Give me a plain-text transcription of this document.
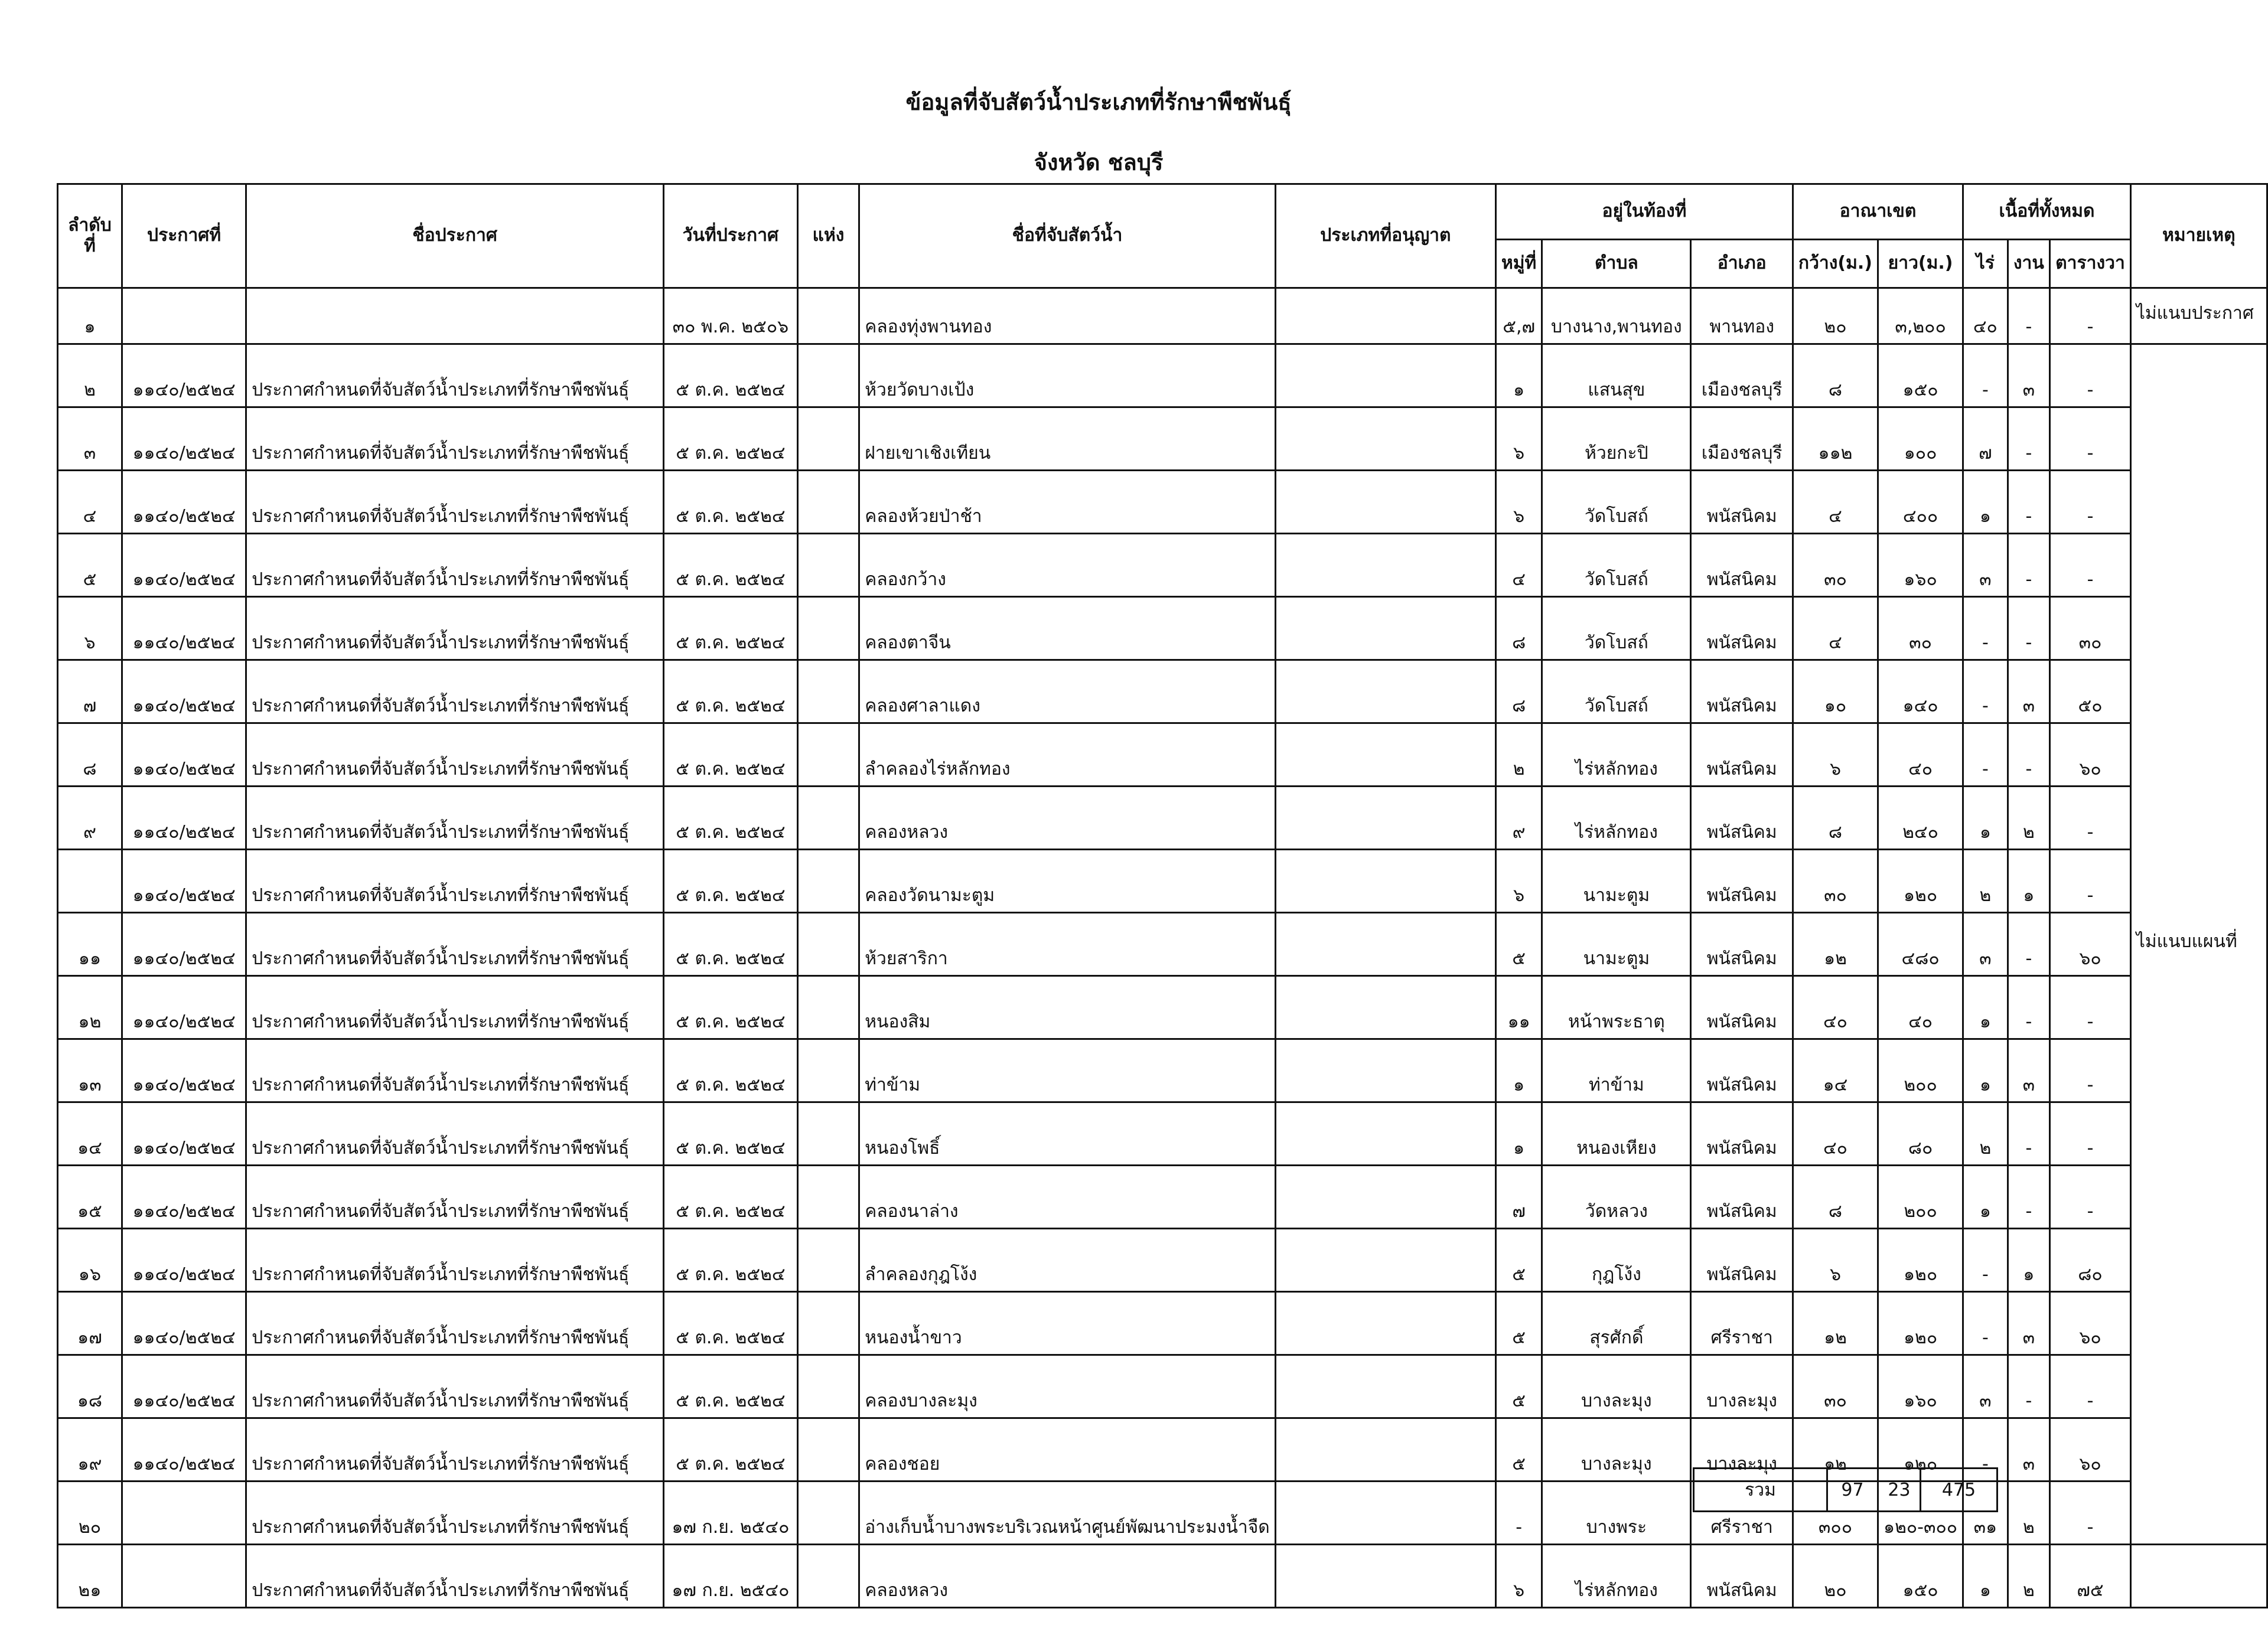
ข้อมูลที่จับสัตว์น้ำประเภทที่รักษาพืชพันธุ์
จังหวัด ชลบุรี
ลำดับ ที่	ประกาศที่	ชื่อประกาศ	วันที่ประกาศ	แห่ง	ชื่อที่จับสัตว์น้ำ	ประเภทที่อนุญาต	อยู่ในท้องที่			อาณาเขต		เนื้อที่ทั้งหมด			หมายเหตุ
							หมู่ที่	ตำบล	อำเภอ	กว้าง(ม.)	ยาว(ม.)	ไร่	งาน	ตารางวา	
๑			๓๐ พ.ค. ๒๕๐๖		คลองทุ่งพานทอง		๕,๗	บางนาง,พานทอง	พานทอง	๒๐	๓,๒๐๐	๔๐	-	-	ไม่แนบประกาศ
๒	๑๑๔๐/๒๕๒๔	ประกาศกำหนดที่จับสัตว์น้ำประเภทที่รักษาพืชพันธุ์	๕ ต.ค. ๒๕๒๔		ห้วยวัดบางเป้ง		๑	แสนสุข	เมืองชลบุรี	๘	๑๕๐	-	๓	-	ไม่แนบแผนที่
๓	๑๑๔๐/๒๕๒๔	ประกาศกำหนดที่จับสัตว์น้ำประเภทที่รักษาพืชพันธุ์	๕ ต.ค. ๒๕๒๔		ฝายเขาเชิงเทียน		๖	ห้วยกะปิ	เมืองชลบุรี	๑๑๒	๑๐๐	๗	-	-	
๔	๑๑๔๐/๒๕๒๔	ประกาศกำหนดที่จับสัตว์น้ำประเภทที่รักษาพืชพันธุ์	๕ ต.ค. ๒๕๒๔		คลองห้วยป่าช้า		๖	วัดโบสถ์	พนัสนิคม	๔	๔๐๐	๑	-	-	
๕	๑๑๔๐/๒๕๒๔	ประกาศกำหนดที่จับสัตว์น้ำประเภทที่รักษาพืชพันธุ์	๕ ต.ค. ๒๕๒๔		คลองกว้าง		๔	วัดโบสถ์	พนัสนิคม	๓๐	๑๖๐	๓	-	-	
๖	๑๑๔๐/๒๕๒๔	ประกาศกำหนดที่จับสัตว์น้ำประเภทที่รักษาพืชพันธุ์	๕ ต.ค. ๒๕๒๔		คลองตาจีน		๘	วัดโบสถ์	พนัสนิคม	๔	๓๐	-	-	๓๐	
๗	๑๑๔๐/๒๕๒๔	ประกาศกำหนดที่จับสัตว์น้ำประเภทที่รักษาพืชพันธุ์	๕ ต.ค. ๒๕๒๔		คลองศาลาแดง		๘	วัดโบสถ์	พนัสนิคม	๑๐	๑๔๐	-	๓	๕๐	
๘	๑๑๔๐/๒๕๒๔	ประกาศกำหนดที่จับสัตว์น้ำประเภทที่รักษาพืชพันธุ์	๕ ต.ค. ๒๕๒๔		ลำคลองไร่หลักทอง		๒	ไร่หลักทอง	พนัสนิคม	๖	๔๐	-	-	๖๐	
๙	๑๑๔๐/๒๕๒๔	ประกาศกำหนดที่จับสัตว์น้ำประเภทที่รักษาพืชพันธุ์	๕ ต.ค. ๒๕๒๔		คลองหลวง		๙	ไร่หลักทอง	พนัสนิคม	๘	๒๔๐	๑	๒	-	
	๑๑๔๐/๒๕๒๔	ประกาศกำหนดที่จับสัตว์น้ำประเภทที่รักษาพืชพันธุ์	๕ ต.ค. ๒๕๒๔		คลองวัดนามะตูม		๖	นามะตูม	พนัสนิคม	๓๐	๑๒๐	๒	๑	-	
๑๑	๑๑๔๐/๒๕๒๔	ประกาศกำหนดที่จับสัตว์น้ำประเภทที่รักษาพืชพันธุ์	๕ ต.ค. ๒๕๒๔		ห้วยสาริกา		๕	นามะตูม	พนัสนิคม	๑๒	๔๘๐	๓	-	๖๐	
๑๒	๑๑๔๐/๒๕๒๔	ประกาศกำหนดที่จับสัตว์น้ำประเภทที่รักษาพืชพันธุ์	๕ ต.ค. ๒๕๒๔		หนองสิม		๑๑	หน้าพระธาตุ	พนัสนิคม	๔๐	๔๐	๑	-	-	
๑๓	๑๑๔๐/๒๕๒๔	ประกาศกำหนดที่จับสัตว์น้ำประเภทที่รักษาพืชพันธุ์	๕ ต.ค. ๒๕๒๔		ท่าข้าม		๑	ท่าข้าม	พนัสนิคม	๑๔	๒๐๐	๑	๓	-	
๑๔	๑๑๔๐/๒๕๒๔	ประกาศกำหนดที่จับสัตว์น้ำประเภทที่รักษาพืชพันธุ์	๕ ต.ค. ๒๕๒๔		หนองโพธิ์		๑	หนองเหียง	พนัสนิคม	๔๐	๘๐	๒	-	-	
๑๕	๑๑๔๐/๒๕๒๔	ประกาศกำหนดที่จับสัตว์น้ำประเภทที่รักษาพืชพันธุ์	๕ ต.ค. ๒๕๒๔		คลองนาล่าง		๗	วัดหลวง	พนัสนิคม	๘	๒๐๐	๑	-	-	
๑๖	๑๑๔๐/๒๕๒๔	ประกาศกำหนดที่จับสัตว์น้ำประเภทที่รักษาพืชพันธุ์	๕ ต.ค. ๒๕๒๔		ลำคลองกุฎโง้ง		๕	กุฎโง้ง	พนัสนิคม	๖	๑๒๐	-	๑	๘๐	
๑๗	๑๑๔๐/๒๕๒๔	ประกาศกำหนดที่จับสัตว์น้ำประเภทที่รักษาพืชพันธุ์	๕ ต.ค. ๒๕๒๔		หนองน้ำขาว		๕	สุรศักดิ์	ศรีราชา	๑๒	๑๒๐	-	๓	๖๐	
๑๘	๑๑๔๐/๒๕๒๔	ประกาศกำหนดที่จับสัตว์น้ำประเภทที่รักษาพืชพันธุ์	๕ ต.ค. ๒๕๒๔		คลองบางละมุง		๕	บางละมุง	บางละมุง	๓๐	๑๖๐	๓	-	-	
๑๙	๑๑๔๐/๒๕๒๔	ประกาศกำหนดที่จับสัตว์น้ำประเภทที่รักษาพืชพันธุ์	๕ ต.ค. ๒๕๒๔		คลองชอย		๕	บางละมุง	บางละมุง	๑๒	๑๒๐	-	๓	๖๐	
๒๐		ประกาศกำหนดที่จับสัตว์น้ำประเภทที่รักษาพืชพันธุ์	๑๗ ก.ย. ๒๕๔๐		อ่างเก็บน้ำบางพระบริเวณหน้าศูนย์พัฒนาประมงน้ำจืด		-	บางพระ	ศรีราชา	๓๐๐	๑๒๐-๓๐๐	๓๑	๒	-	
๒๑		ประกาศกำหนดที่จับสัตว์น้ำประเภทที่รักษาพืชพันธุ์	๑๗ ก.ย. ๒๕๔๐		คลองหลวง		๖	ไร่หลักทอง	พนัสนิคม	๒๐	๑๕๐	๑	๒	๗๕	
รวม	97	23	475
